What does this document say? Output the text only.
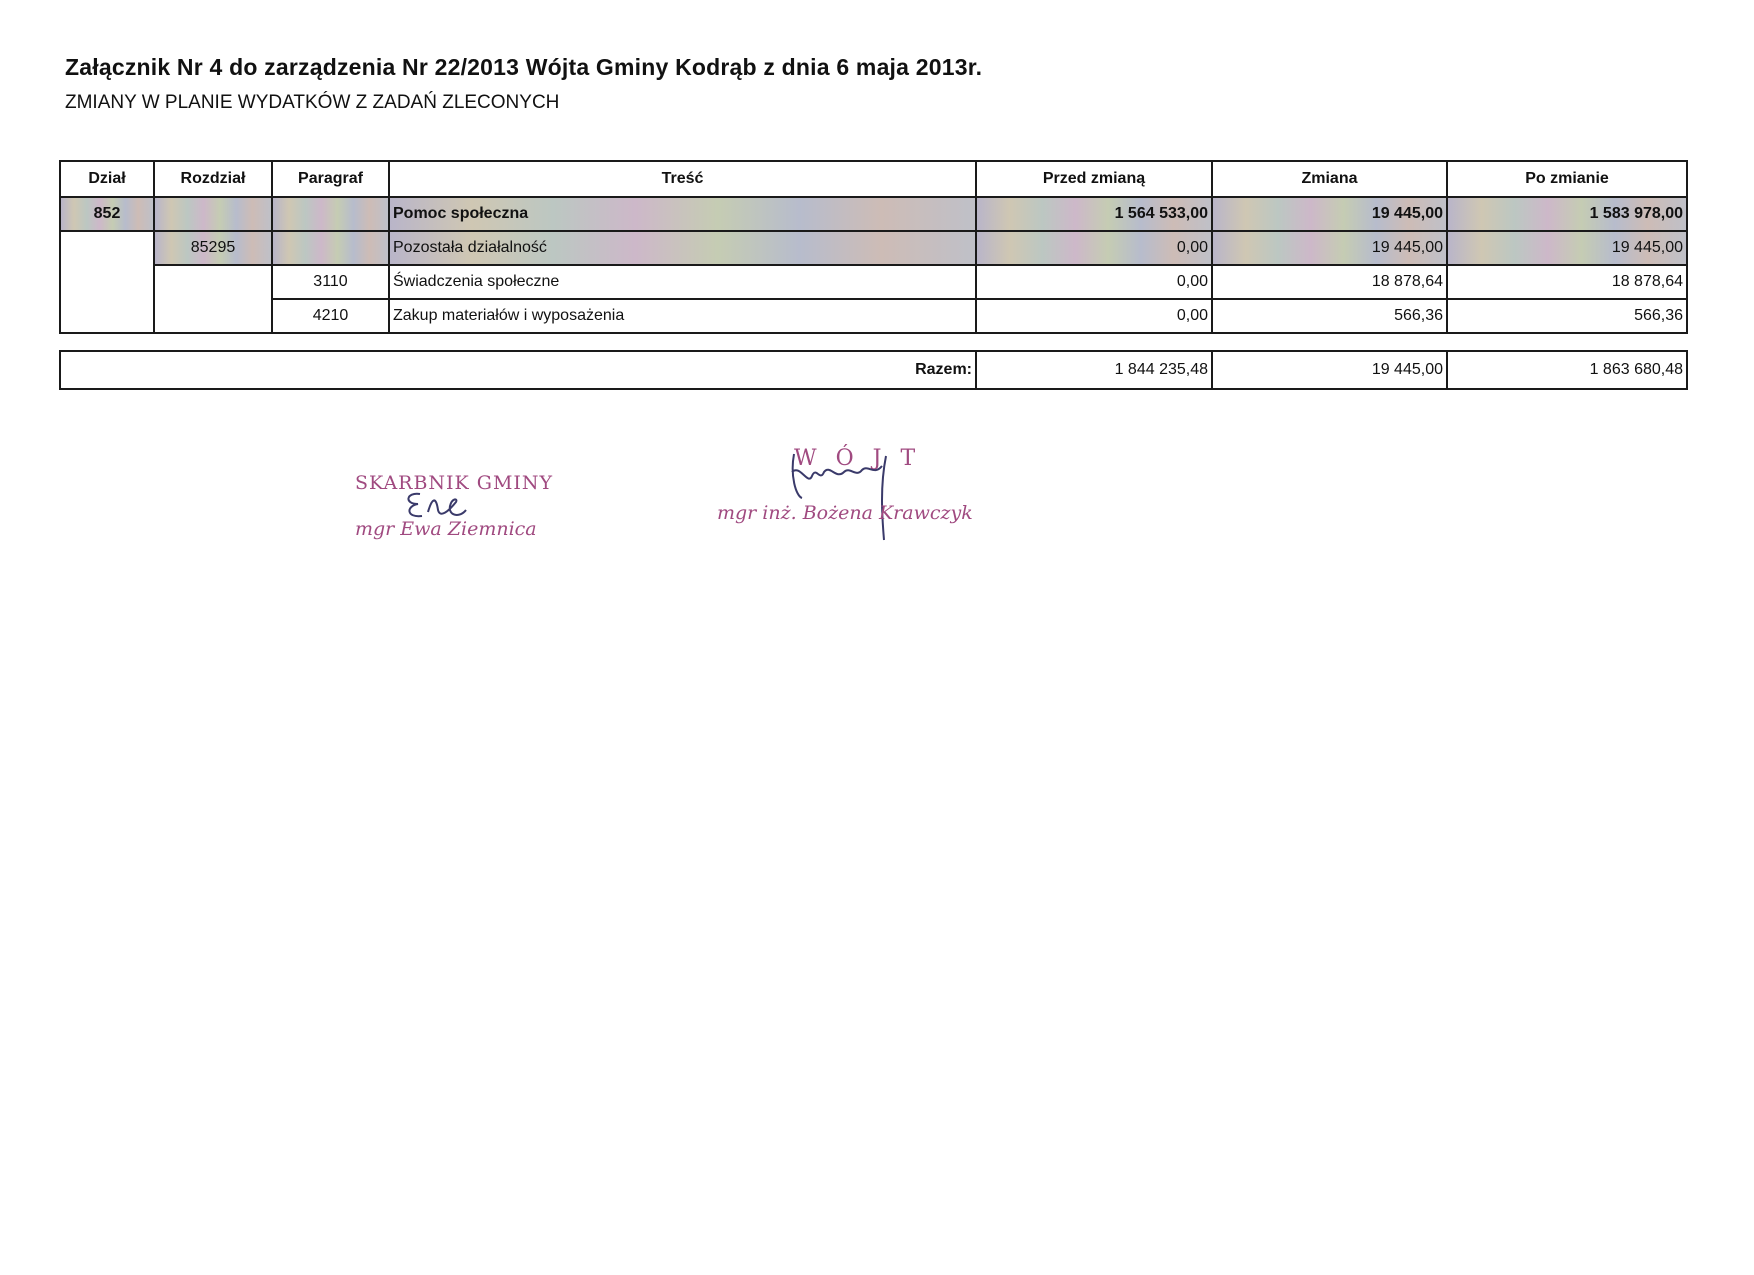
Załącznik Nr 4 do zarządzenia Nr 22/2013 Wójta Gminy Kodrąb z dnia 6 maja 2013r.
ZMIANY W PLANIE WYDATKÓW Z ZADAŃ ZLECONYCH
Dział	Rozdział	Paragraf	Treść	Przed zmianą	Zmiana	Po zmianie
852			Pomoc społeczna	1 564 533,00	19 445,00	1 583 978,00
	85295		Pozostała działalność	0,00	19 445,00	19 445,00
		3110	Świadczenia społeczne	0,00	18 878,64	18 878,64
		4210	Zakup materiałów i wyposażenia	0,00	566,36	566,36
Razem:	1 844 235,48	19 445,00	1 863 680,48
SKARBNIK GMINY
mgr Ewa Ziemnica
W Ó J T
mgr inż. Bożena Krawczyk
